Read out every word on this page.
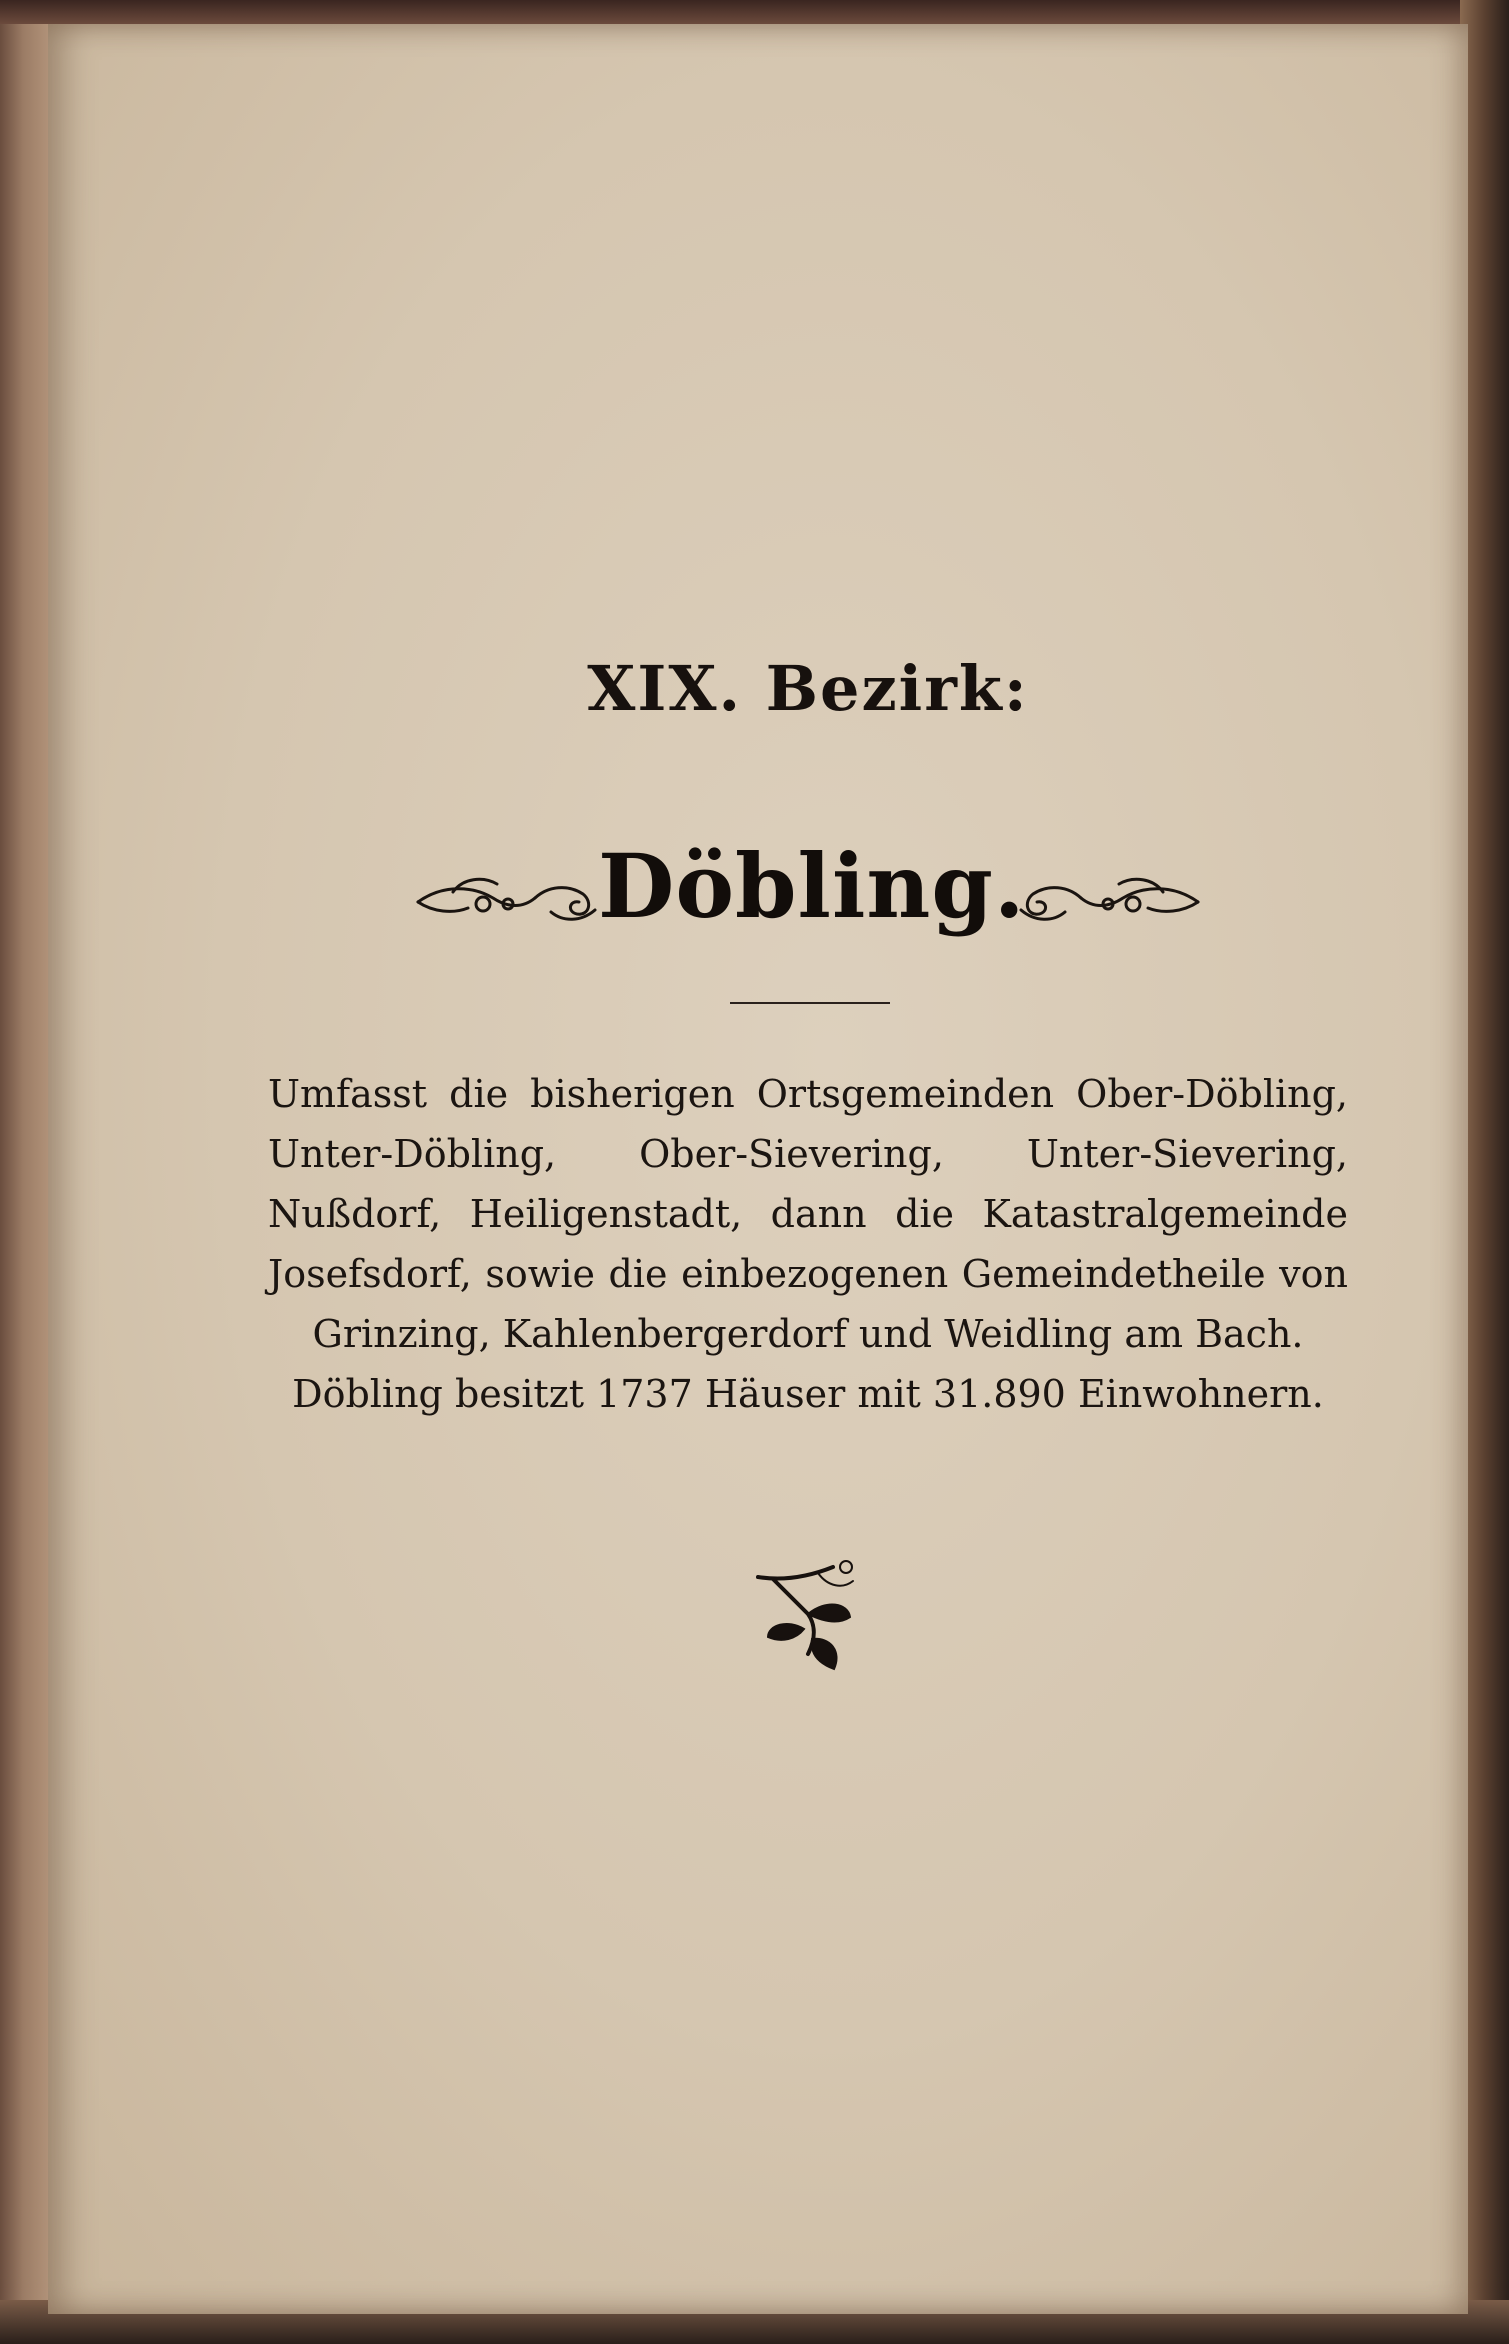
XIX. Bezirk:
Döbling.

Umfasst die bisherigen Ortsgemeinden Ober-Döbling, Unter-Döbling, Ober-Sievering, Unter-Sievering, Nußdorf, Heiligenstadt, dann die Katastralgemeinde Josefsdorf, sowie die einbezogenen Gemeindetheile von Grinzing, Kahlenbergerdorf und Weidling am Bach.

Döbling besitzt 1737 Häuser mit 31.890 Einwohnern.
